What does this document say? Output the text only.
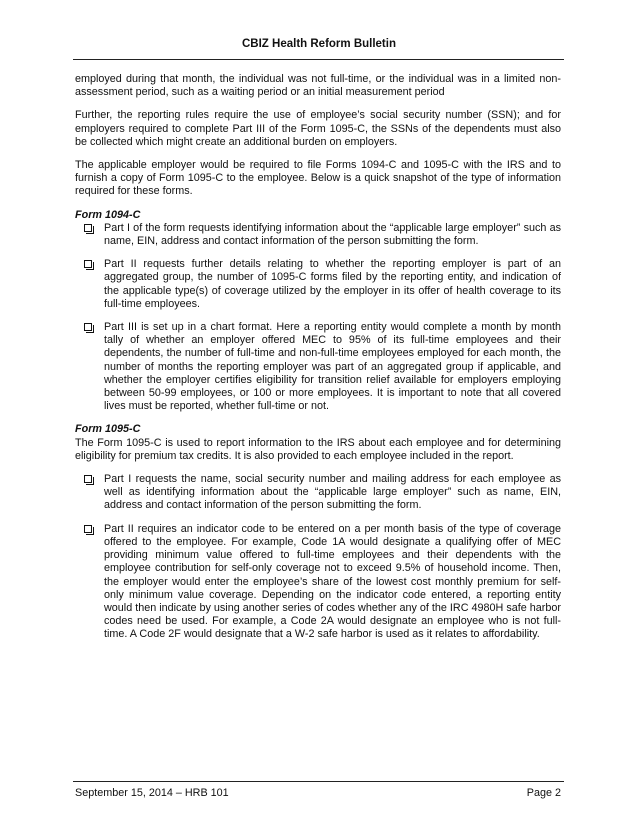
CBIZ Health Reform Bulletin

employed during that month, the individual was not full-time, or the individual was in a limited non-assessment period, such as a waiting period or an initial measurement period

Further, the reporting rules require the use of employee’s social security number (SSN); and for employers required to complete Part III of the Form 1095-C, the SSNs of the dependents must also be collected which might create an additional burden on employers.

The applicable employer would be required to file Forms 1094-C and 1095-C with the IRS and to furnish a copy of Form 1095-C to the employee. Below is a quick snapshot of the type of information required for these forms.

Form 1094-C
Part I of the form requests identifying information about the “applicable large employer” such as name, EIN, address and contact information of the person submitting the form.
Part II requests further details relating to whether the reporting employer is part of an aggregated group, the number of 1095-C forms filed by the reporting entity, and indication of the applicable type(s) of coverage utilized by the employer in its offer of health coverage to its full-time employees.
Part III is set up in a chart format. Here a reporting entity would complete a month by month tally of whether an employer offered MEC to 95% of its full-time employees and their dependents, the number of full-time and non-full-time employees employed for each month, the number of months the reporting employer was part of an aggregated group if applicable, and whether the employer certifies eligibility for transition relief available for employers employing between 50-99 employees, or 100 or more employees. It is important to note that all covered lives must be reported, whether full-time or not.
Form 1095-C

The Form 1095-C is used to report information to the IRS about each employee and for determining eligibility for premium tax credits. It is also provided to each employee included in the report.

Part I requests the name, social security number and mailing address for each employee as well as identifying information about the “applicable large employer” such as name, EIN, address and contact information of the person submitting the form.
Part II requires an indicator code to be entered on a per month basis of the type of coverage offered to the employee. For example, Code 1A would designate a qualifying offer of MEC providing minimum value offered to full-time employees and their dependents with the employee contribution for self-only coverage not to exceed 9.5% of household income. Then, the employer would enter the employee’s share of the lowest cost monthly premium for self-only minimum value coverage. Depending on the indicator code entered, a reporting entity would then indicate by using another series of codes whether any of the IRC 4980H safe harbor codes need be used. For example, a Code 2A would designate an employee who is not full-time. A Code 2F would designate that a W-2 safe harbor is used as it relates to affordability.
September 15, 2014 – HRB 101	Page 2
